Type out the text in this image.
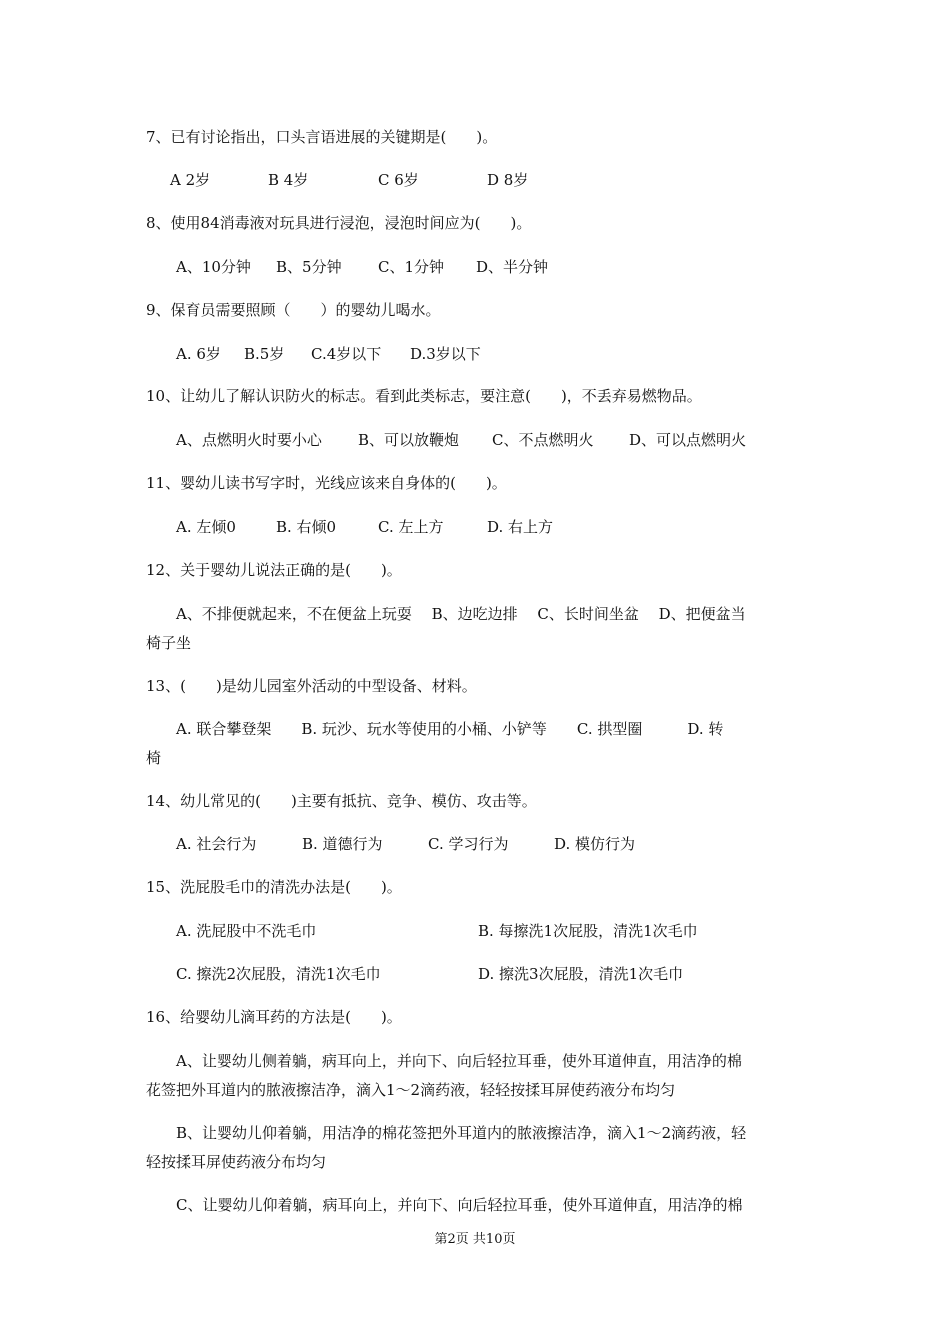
7、已有讨论指出，口头言语进展的关键期是(　　)。
A 2岁	B 4岁	C 6岁	D 8岁
8、使用84消毒液对玩具进行浸泡，浸泡时间应为(　　)。
A、10分钟 B、5分钟 C、1分钟 D、半分钟
9、保育员需要照顾（　　）的婴幼儿喝水。
A. 6岁 B.5岁 C.4岁以下 D.3岁以下
10、让幼儿了解认识防火的标志。看到此类标志，要注意(　　)，不丢弃易燃物品。
A、点燃明火时要小心 B、可以放鞭炮 C、不点燃明火 D、可以点燃明火
11、婴幼儿读书写字时，光线应该来自身体的(　　)。
A. 左倾0	B. 右倾0	C. 左上方	D. 右上方
12、关于婴幼儿说法正确的是(　　)。
A、不排便就起来，不在便盆上玩耍　 B、边吃边排　 C、长时间坐盆　 D、把便盆当
椅子坐
13、(　　)是幼儿园室外活动的中型设备、材料。
A. 联合攀登架　　B. 玩沙、玩水等使用的小桶、小铲等　　C. 拱型圈　　　D. 转
椅
14、幼儿常见的(　　)主要有抵抗、竞争、模仿、攻击等。
A. 社会行为	B. 道德行为	C. 学习行为	D. 模仿行为
15、洗屁股毛巾的清洗办法是(　　)。
A. 洗屁股中不洗毛巾	B. 每擦洗1次屁股，清洗1次毛巾
C. 擦洗2次屁股，清洗1次毛巾	D. 擦洗3次屁股，清洗1次毛巾
16、给婴幼儿滴耳药的方法是(　　)。
A、让婴幼儿侧着躺，病耳向上，并向下、向后轻拉耳垂，使外耳道伸直，用洁净的棉
花签把外耳道内的脓液擦洁净，滴入1～2滴药液，轻轻按揉耳屏使药液分布均匀
B、让婴幼儿仰着躺，用洁净的棉花签把外耳道内的脓液擦洁净，滴入1～2滴药液，轻
轻按揉耳屏使药液分布均匀
C、让婴幼儿仰着躺，病耳向上，并向下、向后轻拉耳垂，使外耳道伸直，用洁净的棉
第2页 共10页
